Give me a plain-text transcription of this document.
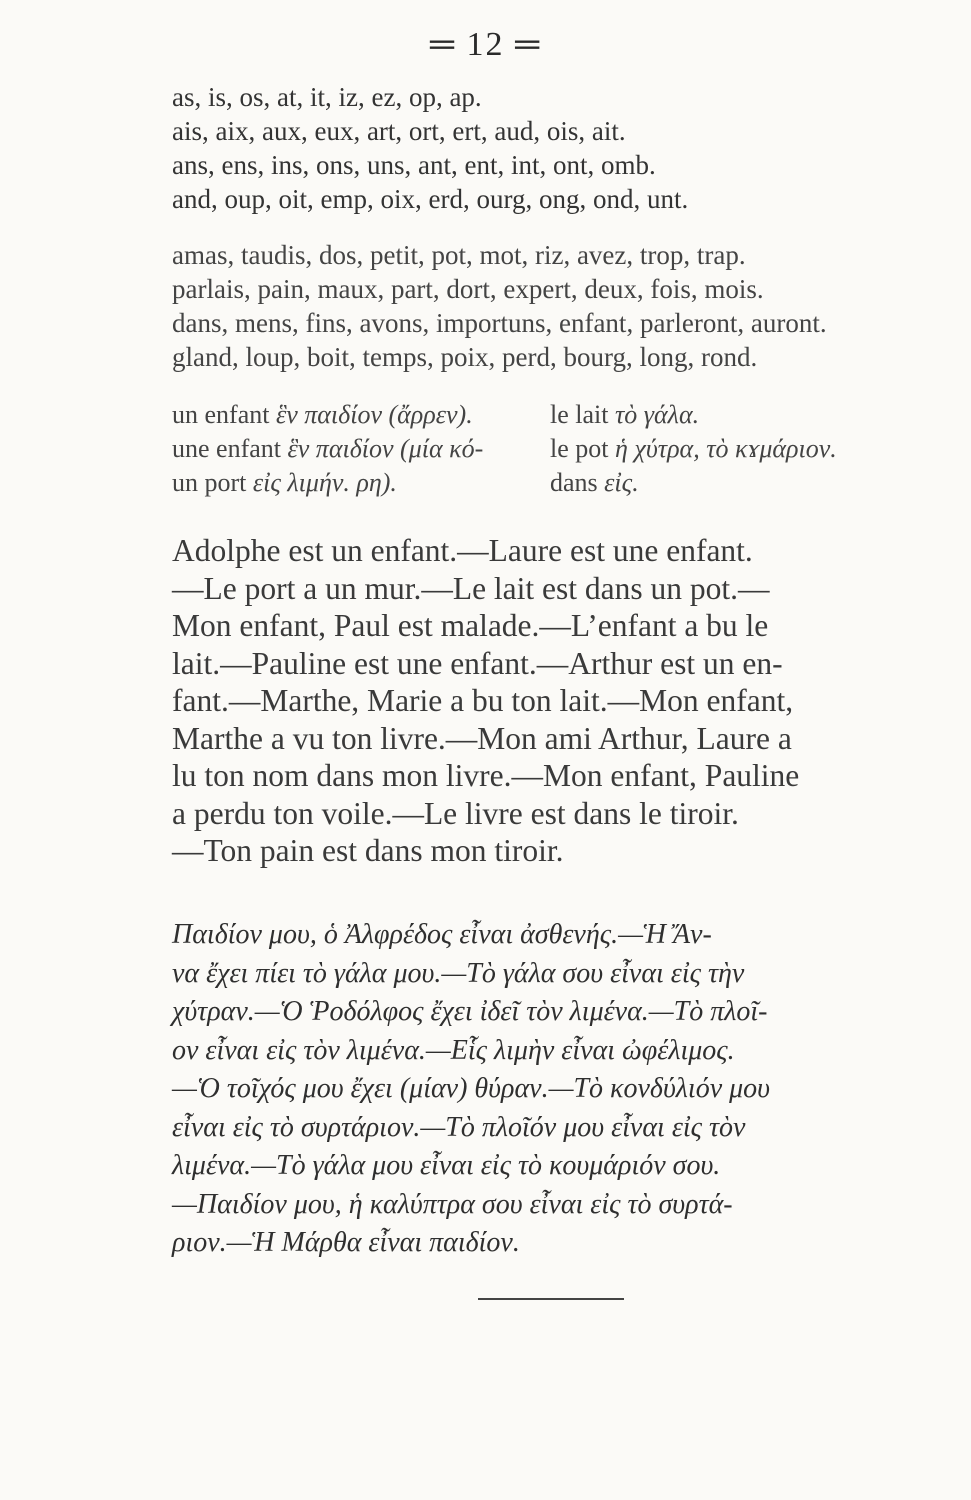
═ 12 ═
as, is, os, at, it, iz, ez, op, ap.
ais, aix, aux, eux, art, ort, ert, aud, ois, ait.
ans, ens, ins, ons, uns, ant, ent, int, ont, omb.
and, oup, oit, emp, oix, erd, ourg, ong, ond, unt.
amas, taudis, dos, petit, pot, mot, riz, avez, trop, trap.
parlais, pain, maux, part, dort, expert, deux, fois, mois.
dans, mens, fins, avons, importuns, enfant, parleront, auront.
gland, loup, boit, temps, poix, perd, bourg, long, rond.
un enfant ἓν παιδίον (ἄρρεν).	le lait τὸ γάλα.
une enfant ἓν παιδίον (μία κό-	le pot ἡ χύτρα, τὸ κɤμάριον.
un port εἰς λιμήν. ρη).	dans εἰς.
Adolphe est un enfant.—Laure est une enfant.
—Le port a un mur.—Le lait est dans un pot.—
Mon enfant, Paul est malade.—L’enfant a bu le
lait.—Pauline est une enfant.—Arthur est un en-
fant.—Marthe, Marie a bu ton lait.—Mon enfant,
Marthe a vu ton livre.—Mon ami Arthur, Laure a
lu ton nom dans mon livre.—Mon enfant, Pauline
a perdu ton voile.—Le livre est dans le tiroir.
—Ton pain est dans mon tiroir.
Παιδίον μου, ὁ Ἀλφρέδος εἶναι ἀσθενής.—Ἡ Ἄν-
να ἔχει πίει τὸ γάλα μου.—Τὸ γάλα σου εἶναι εἰς τὴν
χύτραν.—Ὁ Ῥοδόλφος ἔχει ἰδεῖ τὸν λιμένα.—Τὸ πλοῖ-
ον εἶναι εἰς τὸν λιμένα.—Εἷς λιμὴν εἶναι ὠφέλιμος.
—Ὁ τοῖχός μου ἔχει (μίαν) θύραν.—Τὸ κονδύλιόν μου
εἶναι εἰς τὸ συρτάριον.—Τὸ πλοῖόν μου εἶναι εἰς τὸν
λιμένα.—Τὸ γάλα μου εἶναι εἰς τὸ κουμάριόν σου.
—Παιδίον μου, ἡ καλύπτρα σου εἶναι εἰς τὸ συρτά-
ριον.—Ἡ Μάρθα εἶναι παιδίον.
